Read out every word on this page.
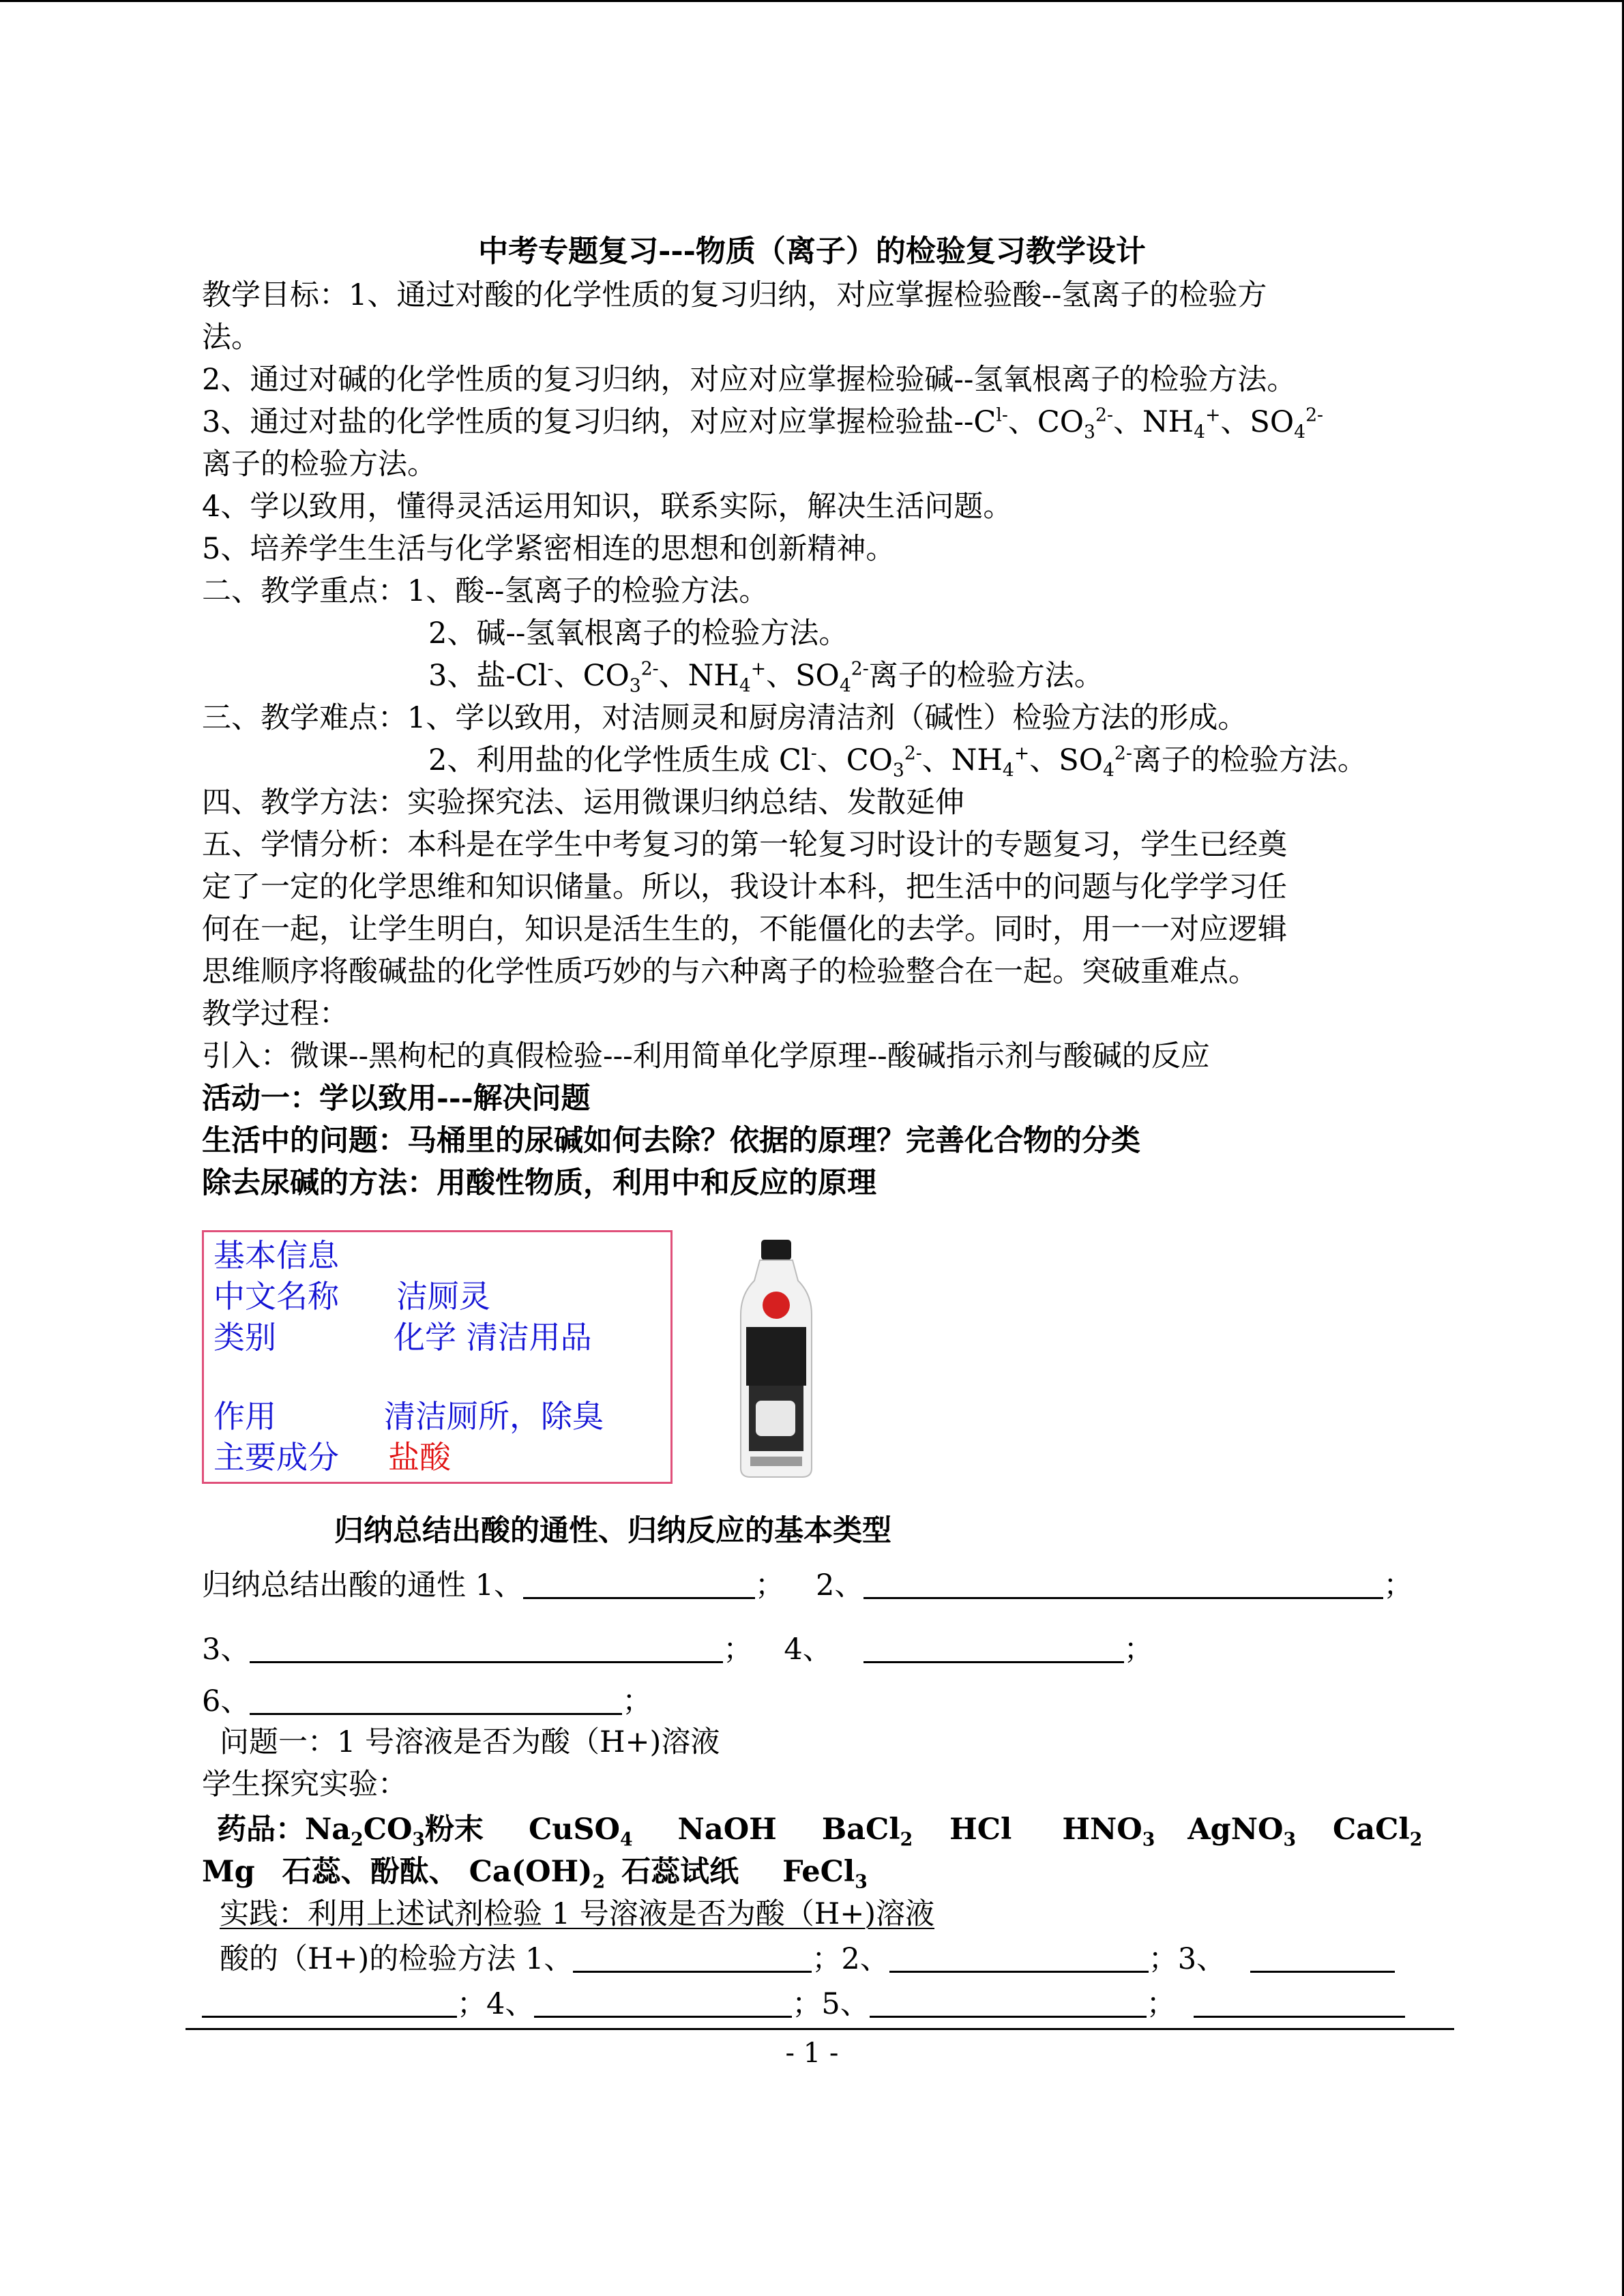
中考专题复习---物质（离子）的检验复习教学设计
教学目标：1、通过对酸的化学性质的复习归纳，对应掌握检验酸--氢离子的检验方
法。
2、通过对碱的化学性质的复习归纳，对应对应掌握检验碱--氢氧根离子的检验方法。
3、通过对盐的化学性质的复习归纳，对应对应掌握检验盐$--C^{l-}$、$CO_3^{2-}$、$NH_4^+$、$SO_4^{2-}$
离子的检验方法。
4、学以致用，懂得灵活运用知识，联系实际，解决生活问题。
5、培养学生生活与化学紧密相连的思想和创新精神。
二、教学重点：1、酸--氢离子的检验方法。
2、碱--氢氧根离子的检验方法。
3、盐-Cl-、$CO_3^{2-}$、$NH_4^+$、$SO_4^{2-}$离子的检验方法。
三、教学难点：1、学以致用，对洁厕灵和厨房清洁剂（碱性）检验方法的形成。
2、利用盐的化学性质生成 Cl-、$CO_3^{2-}$、$NH_4^+$、$SO_4^{2-}$离子的检验方法。
四、教学方法：实验探究法、运用微课归纳总结、发散延伸
五、学情分析：本科是在学生中考复习的第一轮复习时设计的专题复习，学生已经奠
定了一定的化学思维和知识储量。所以，我设计本科，把生活中的问题与化学学习任
何在一起，让学生明白，知识是活生生的，不能僵化的去学。同时，用一一对应逻辑
思维顺序将酸碱盐的化学性质巧妙的与六种离子的检验整合在一起。突破重难点。
教学过程：
引入：微课--黑枸杞的真假检验---利用简单化学原理--酸碱指示剂与酸碱的反应
活动一：学以致用---解决问题
生活中的问题：马桶里的尿碱如何去除？依据的原理？完善化合物的分类
除去尿碱的方法：用酸性物质，利用中和反应的原理
基本信息
中文名称 洁厕灵
类别	化学 清洁用品
作用	清洁厕所，除臭
主要成分 盐酸
归纳总结出酸的通性、归纳反应的基本类型
归纳总结出酸的通性 1、	； 2、	；
3、	； 4、	；
6、	；
问题一：1 号溶液是否为酸（H+)溶液
学生探究实验：
药品：$Na_2CO_3$粉末 CuSO$_4$ NaOH BaCl$_2$ HCl $HNO_3$ AgNO$_3$ CaCl$_2$
Mg 石蕊、酚酞、 $Ca(OH)_2$ 石蕊试纸 FeCl$_3$
实践：利用上述试剂检验 1 号溶液是否为酸（H+)溶液
酸的（H+)的检验方法 1、	；2、	；3、
；4、	；5、	；
- 1 -
